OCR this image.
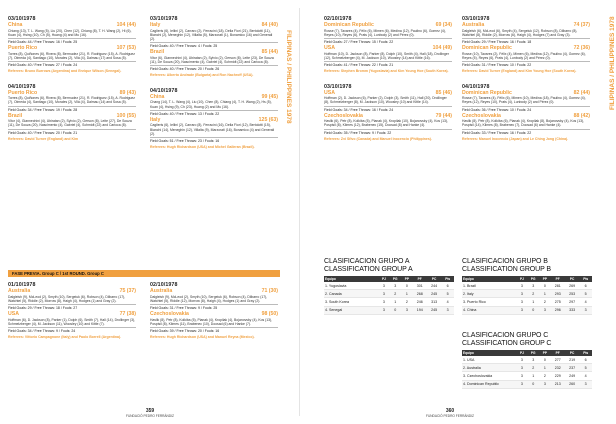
03/10/1978
China	104 (44)
Chiang (13), T. L. Wang (5), Liu (20), Chen (12), Chiang (8), T. H. Wang (2), Hi (6), Kuan (4), Hsing (10), Ch (5), Huang (4) and Mu (16).
Field Goals: 44 / Free Throws: 16 / Fouls: 25
Puerto Rico	107 (53)
Torres (8), Quiñones (6), Rivera (8), Bermudez (21), R. Rodriguez (15), A. Rodriguez (7), Olmeda (4), Santiago (10), Morales (2), Vilá (4), Dalmau (17) and Sosa (5).
Field Goals: 40 / Free Throws: 27 / Fouls: 24
Referees: Bruno Burrows (Argentina) and Enrique Wilson (Senegal).
04/10/1978
Puerto Rico	89 (43)
Torres (8), Quiñones (6), Rivera (8), Bermudez (21), R. Rodriguez (15), A. Rodriguez (7), Olmeda (4), Santiago (10), Morales (2), Vilá (4), Dalmau (14) and Sosa (5).
Field Goals: 34 / Free Throws: 19 / Fouls: 28
Brazil	100 (55)
Vitor (4), Giannechini (4), Ubiratan (2), Sylvio (2), Gerson (8), Leite (27), De Souza (11), De Souza (20), Nascimento (4), Gabriel (4), Schmidt (22) and Carioca (8).
Field Goals: 40 / Free Throws: 20 / Fouls: 21
Referees: David Turner (England) and Kim
03/10/1978
Italy	84 (40)
Caglieris (6), Iellini (2), Carraro (2), Ferracini (18), Della Fiori (21), Bertolotti (11), Bianchi (2), Meneghin (12), Villalta (5), Marzorati (1), Bonamico (16) and Generali (2).
Field Goals: 40 / Free Throws: 4 / Fouls: 25
Brazil	85 (44)
Vitor (6), Giannechini (4), Ubiratan (2), Sylvio (2), Gerson (8), Leite (23), De Souza (11), De Souza (20), Nascimento (4), Gabriel (4), Schmidt (22) and Carioca (8).
Field Goals: 40 / Free Throws: 20 / Fouls: 26
Referees: Alberto Andrade (Bulgaria) and Ron Nachroff (USA).
04/10/1978
China	99 (45)
Chang (14), T. L. Wang (4), Liu (10), Chen (8), Chiang (4), T. H. Wang (2), Hs (5), Kuan (4), Hsing (9), Ch (23), Huang (2) and Mu (16).
Field Goals: 40 / Free Throws: 13 / Fouls: 22
Italy	125 (63)
Caglieris (6), Iellini (2), Carraro (8), Ferracini (16), Della Fiori (12), Bertolotti (15), Bianchi (14), Meneghin (12), Villalta (9), Marzorati (16), Bonamico (4) and Generali (2).
Field Goals: 51 / Free Throws: 23 / Fouls: 16
Referees: Hugh Richardson (USA) and Michel Galleran (Brazil).
FASE PREVIA. Group C / 1st ROUND. Group C
01/10/1978
Australia	75 (37)
Dalgleish (9), McLeod (2), Smyth (10), Sergeiuk (6), Robson (4), Dilbarro (17), Watchtel (5), Riddle (2), Morrow (8), Haigh (4), Hodges (1) and Gray (2).
Field Goals: 29 / Free Throws: 18 / Fouls: 27
USA	77 (38)
Hoffman (6), D. Jackson (8), Parker (1), Dolph (6), Smith (7), Hall (14), Drollinger (3), Schmelzberger (4), M. Jackson (11), Woosley (10) and Kittle (7).
Field Goals: 34 / Free Throws: 9 / Fouls: 24
Referees: Vittorio Campagnone (Italy) and Paolo Borrell (Argentina).
02/10/1978
Australia	71 (30)
Dalgleish (9), McLeod (2), Smyth (10), Sergeiuk (6), Robson (4), Dilbarro (17), Watchtel (5), Riddle (12), Morrow (8), Haigh (4), Hodges (1) and Gray (2).
Field Goals: 31 / Free Throws: 9 / Fouls: 25
Czechoslovakia	98 (50)
Havlik (8), Petr (8), Kolkiba (5), Pianak (4), Kropilak (4), Bojanovsky (4), Kos (13), Pospisil (8), Klimes (11), Brabenec (10), Doosad (6) and Hanke (7).
Field Goals: 39 / Free Throws: 20 / Fouls: 16
Referees: Hugh Richardson (USA) and Manuel Reyna (Mexico).
FILIPINAS / PHILIPPINES 1978
359
FUNDACIÓ PEDRO FERRÁNDIZ
FILIPINAS / PHILIPPINES 1978
02/10/1978
Dominican Republic	69 (34)
Rosse (7), Tavares (4), Félix (6), Mimen (6), Medina (12), Paulino (6), Gomez (4), Reyes (10), Reyes (6), Prats (4), Lunbody (2) and Pérez (0).
Field Goals: 27 / Free Throws: 15 / Fouls: 22
USA	104 (49)
Hoffman (10), D. Jackson (8), Parker (8), Dolph (10), Smith (4), Hall (18), Drollinger (12), Schmelzberger (4), M. Jackson (10), Woosley (14) and Kittle (16).
Field Goals: 41 / Free Throws: 22 / Fouls: 21
Referees: Stephen Bromm (Yugoslavia) and Kim Young Hoe (South Korea).
03/10/1978
USA	85 (46)
Hoffman (2), D. Jackson (6), Parker (2), Dolph (3), Smith (11), Hall (20), Drollinger (8), Schmelzberger (8), M. Jackson (10), Woosley (10) and Kittle (14).
Field Goals: 34 / Free Throws: 16 / Fouls: 24
Czechoslovakia	79 (44)
Havlik (6), Petr (8), Kolkiba (5), Pianak (4), Kropilak (10), Bojanovsky (4), Kos (13), Pospisil (8), Klimes (12), Brabenec (15), Doosad (8) and Hanke (4).
Field Goals: 35 / Free Throws: 9 / Fouls: 22
Referees: Zvi Sfivo (Canada) and Manuel Inocencio (Philippines).
03/10/1978
Australia	74 (37)
Dalgleish (6), McLeod (6), Smyth (4), Sergeiuk (12), Robson (8), Dilbarro (8), Watchtel (8), Riddle (2), Morrow (6), Haigh (4), Hodges (7) and Gray (3).
Field Goals: 29 / Free Throws: 16 / Fouls: 18
Dominican Republic	72 (36)
Rosse (10), Tavares (2), Félix (4), Mimen (6), Medina (12), Paulino (4), Gomez (6), Reyes (5), Reyes (6), Prats (4), Lunbody (2) and Pérez (0).
Field Goals: 31 / Free Throws: 10 / Fouls: 22
Referees: David Turner (England) and Kim Young Hoe (South Korea).
04/10/1978
Dominican Republic	82 (44)
Rosse (7), Tavares (4), Félix (6), Mimen (10), Medina (18), Paulino (4), Gomez (4), Reyes (12), Reyes (10), Prats (4), Lunbody (2) and Pérez (0).
Field Goals: 36 / Free Throws: 10 / Fouls: 24
Czechoslovakia	88 (42)
Havlik (8), Petr (8), Kolkiba (6), Pianak (4), Kropilak (8), Bojanovsky (4), Kos (13), Pospisil (14), Klimes (8), Brabenec (7), Doosad (6) and Hanke (4).
Field Goals: 33 / Free Throws: 16 / Fouls: 22
Referees: Manuel Inocencio (Japan) and Le Ching Jong (China).
CLASIFICACION GRUPO A
CLASSIFICATION GROUP A
Equipo	PJ	PG	PP	PF	PC	Pts
1. Yugoslavia	3	3	0	301	244	6
2. Canada	3	2	1	268	245	5
3. South Korea	3	1	2	246	313	4
4. Senegal	3	0	3	194	245	3
CLASIFICACION GRUPO B
CLASSIFICATION GROUP B
Equipo	PJ	PG	PP	PF	PC	Pts
1. Brazil	3	3	0	281	269	6
2. Italy	3	2	1	293	253	5
3. Puerto Rico	3	1	2	275	297	4
4. China	3	0	3	296	333	3
CLASIFICACION GRUPO C
CLASSIFICATION GROUP C
Equipo	PJ	PG	PP	PF	PC	Pts
1. USA	3	3	0	277	219	6
2. Australia	3	2	1	232	237	5
3. Czechoslovakia	3	1	2	229	249	4
4. Dominican Republic	3	0	3	213	260	3
360
FUNDACIÓ PEDRO FERRÁNDIZ
